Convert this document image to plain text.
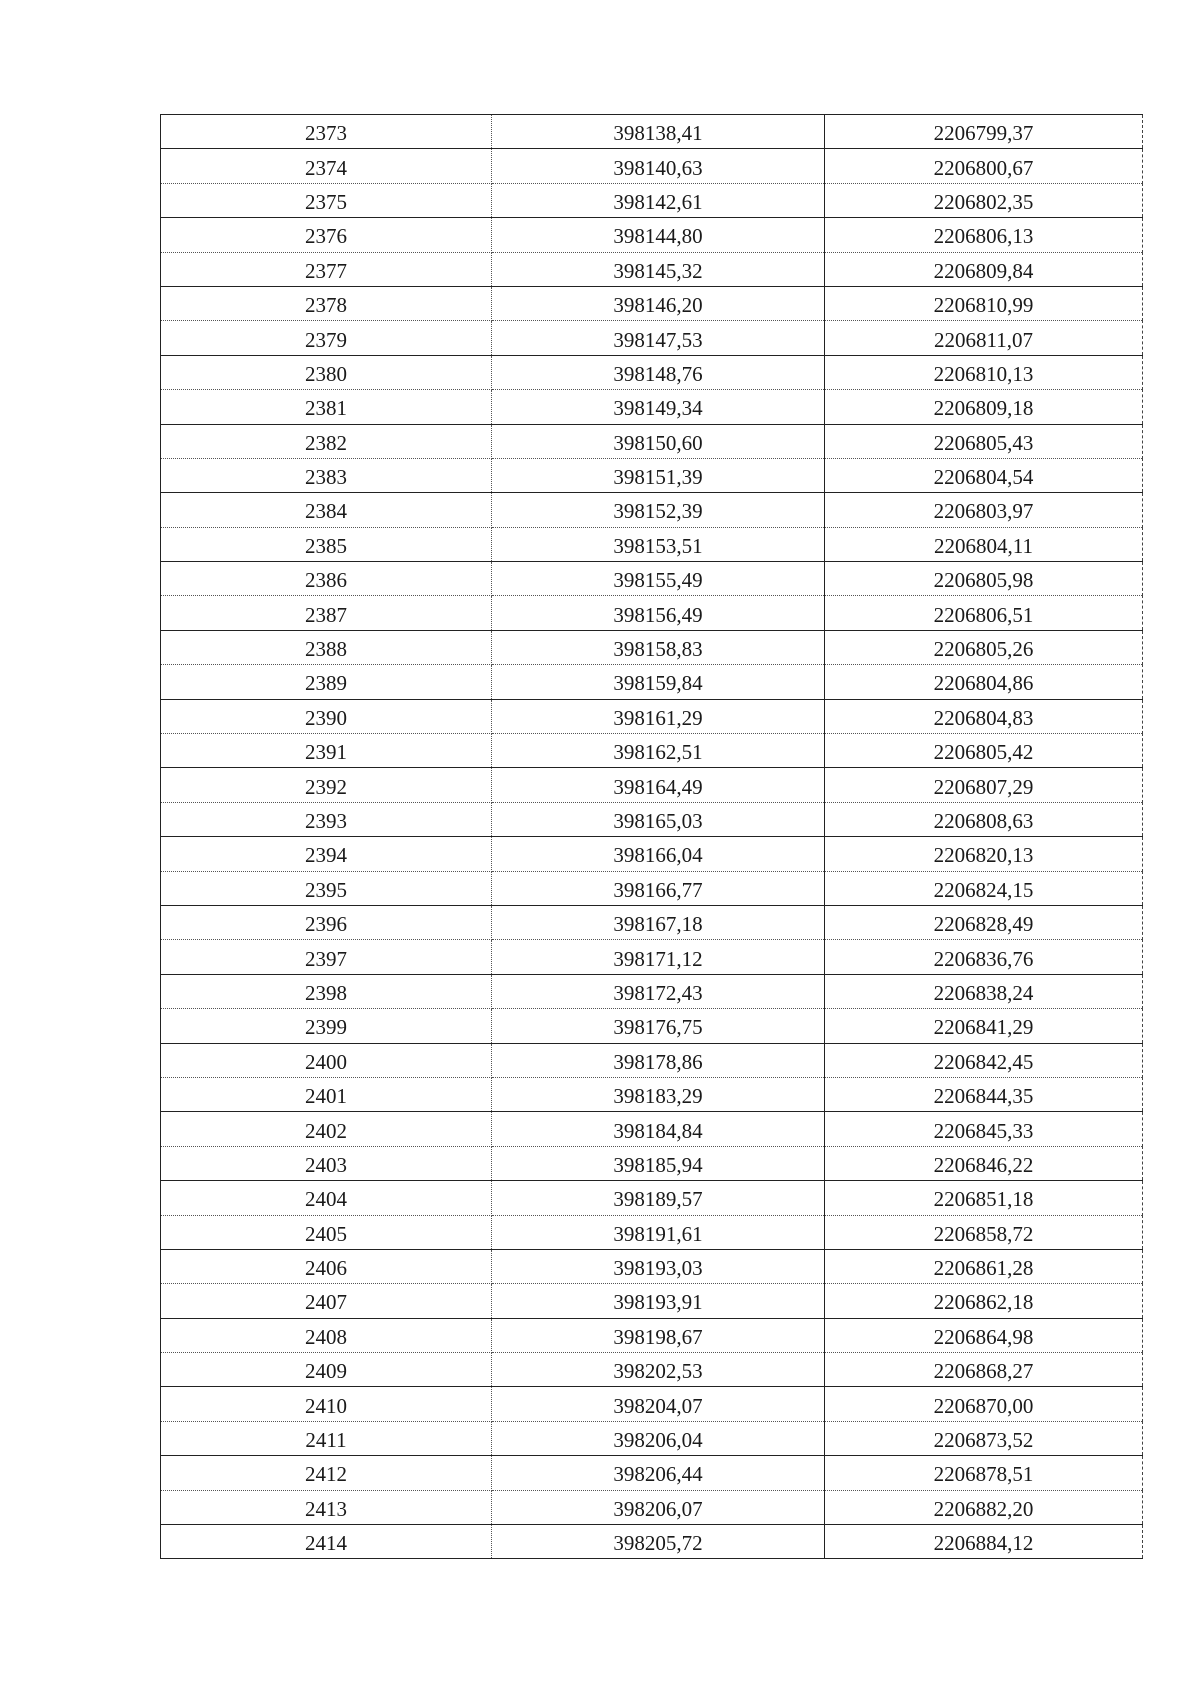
2373	398138,41	2206799,37
2374	398140,63	2206800,67
2375	398142,61	2206802,35
2376	398144,80	2206806,13
2377	398145,32	2206809,84
2378	398146,20	2206810,99
2379	398147,53	2206811,07
2380	398148,76	2206810,13
2381	398149,34	2206809,18
2382	398150,60	2206805,43
2383	398151,39	2206804,54
2384	398152,39	2206803,97
2385	398153,51	2206804,11
2386	398155,49	2206805,98
2387	398156,49	2206806,51
2388	398158,83	2206805,26
2389	398159,84	2206804,86
2390	398161,29	2206804,83
2391	398162,51	2206805,42
2392	398164,49	2206807,29
2393	398165,03	2206808,63
2394	398166,04	2206820,13
2395	398166,77	2206824,15
2396	398167,18	2206828,49
2397	398171,12	2206836,76
2398	398172,43	2206838,24
2399	398176,75	2206841,29
2400	398178,86	2206842,45
2401	398183,29	2206844,35
2402	398184,84	2206845,33
2403	398185,94	2206846,22
2404	398189,57	2206851,18
2405	398191,61	2206858,72
2406	398193,03	2206861,28
2407	398193,91	2206862,18
2408	398198,67	2206864,98
2409	398202,53	2206868,27
2410	398204,07	2206870,00
2411	398206,04	2206873,52
2412	398206,44	2206878,51
2413	398206,07	2206882,20
2414	398205,72	2206884,12
